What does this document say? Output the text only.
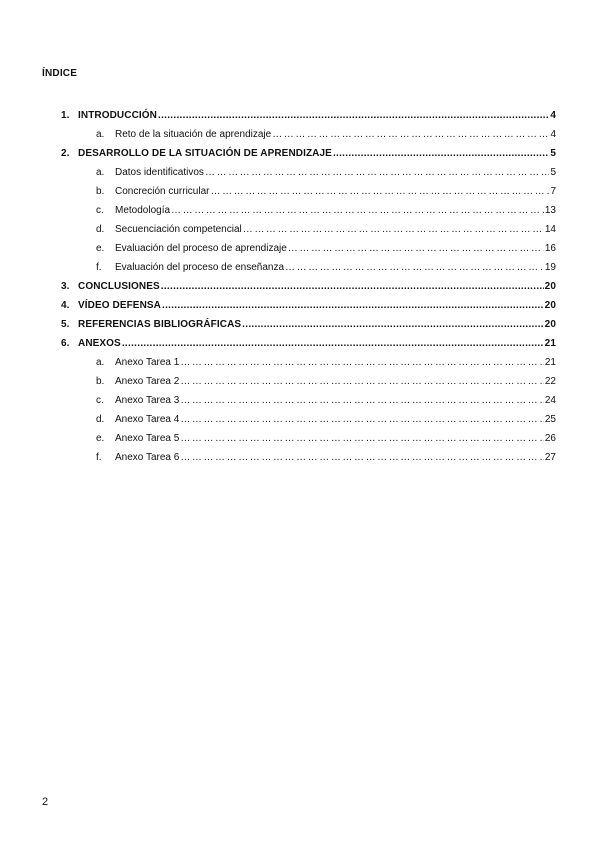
ÍNDICE
1. INTRODUCCIÓN .....	4
a.	Reto de la situación de aprendizaje … … … … … … … … … … … … … … … … … … … … … … … … … … … … … … … … … … … … … … … … … … … … … … … … … … … … … … … … … … … … … … … … … … … … … … …	4
2. DESARROLLO DE LA SITUACIÓN DE APRENDIZAJE .....	5
a.	Datos identificativos … … … … … … … … … … … … … … … … … … … … … … … … … … … … … … … … … … … … … … … … … … … … … … … … … … … … … … … … … … … … … … … … … … … … … … …	5
b.	Concreción curricular … … … … … … … … … … … … … … … … … … … … … … … … … … … … … … … … … … … … … … … … … … … … … … … … … … … … … … … … … … … … … … … … … … … … … … …	7
c.	Metodología … … … … … … … … … … … … … … … … … … … … … … … … … … … … … … … … … … … … … … … … … … … … … … … … … … … … … … … … … … … … … … … … … … … … … … …	13
d.	Secuenciación competencial … … … … … … … … … … … … … … … … … … … … … … … … … … … … … … … … … … … … … … … … … … … … … … … … … … … … … … … … … … … … … … … … … … … … … … …	14
e.	Evaluación del proceso de aprendizaje … … … … … … … … … … … … … … … … … … … … … … … … … … … … … … … … … … … … … … … … … … … … … … … … … … … … … … … … … … … … … … … … … … … … … … …	16
f.	Evaluación del proceso de enseñanza … … … … … … … … … … … … … … … … … … … … … … … … … … … … … … … … … … … … … … … … … … … … … … … … … … … … … … … … … … … … … … … … … … … … … … …	19
3. CONCLUSIONES .....	20
4. VÍDEO DEFENSA .....	20
5. REFERENCIAS BIBLIOGRÁFICAS .....	20
6. ANEXOS .....	21
a.	Anexo Tarea 1 … … … … … … … … … … … … … … … … … … … … … … … … … … … … … … … … … … … … … … … … … … … … … … … … … … … … … … … … … … … … … … … … … … … … … … …	21
b.	Anexo Tarea 2 … … … … … … … … … … … … … … … … … … … … … … … … … … … … … … … … … … … … … … … … … … … … … … … … … … … … … … … … … … … … … … … … … … … … … … …	22
c.	Anexo Tarea 3 … … … … … … … … … … … … … … … … … … … … … … … … … … … … … … … … … … … … … … … … … … … … … … … … … … … … … … … … … … … … … … … … … … … … … … …	24
d.	Anexo Tarea 4 … … … … … … … … … … … … … … … … … … … … … … … … … … … … … … … … … … … … … … … … … … … … … … … … … … … … … … … … … … … … … … … … … … … … … … …	25
e.	Anexo Tarea 5 … … … … … … … … … … … … … … … … … … … … … … … … … … … … … … … … … … … … … … … … … … … … … … … … … … … … … … … … … … … … … … … … … … … … … … …	26
f.	Anexo Tarea 6 … … … … … … … … … … … … … … … … … … … … … … … … … … … … … … … … … … … … … … … … … … … … … … … … … … … … … … … … … … … … … … … … … … … … … … …	27
2
